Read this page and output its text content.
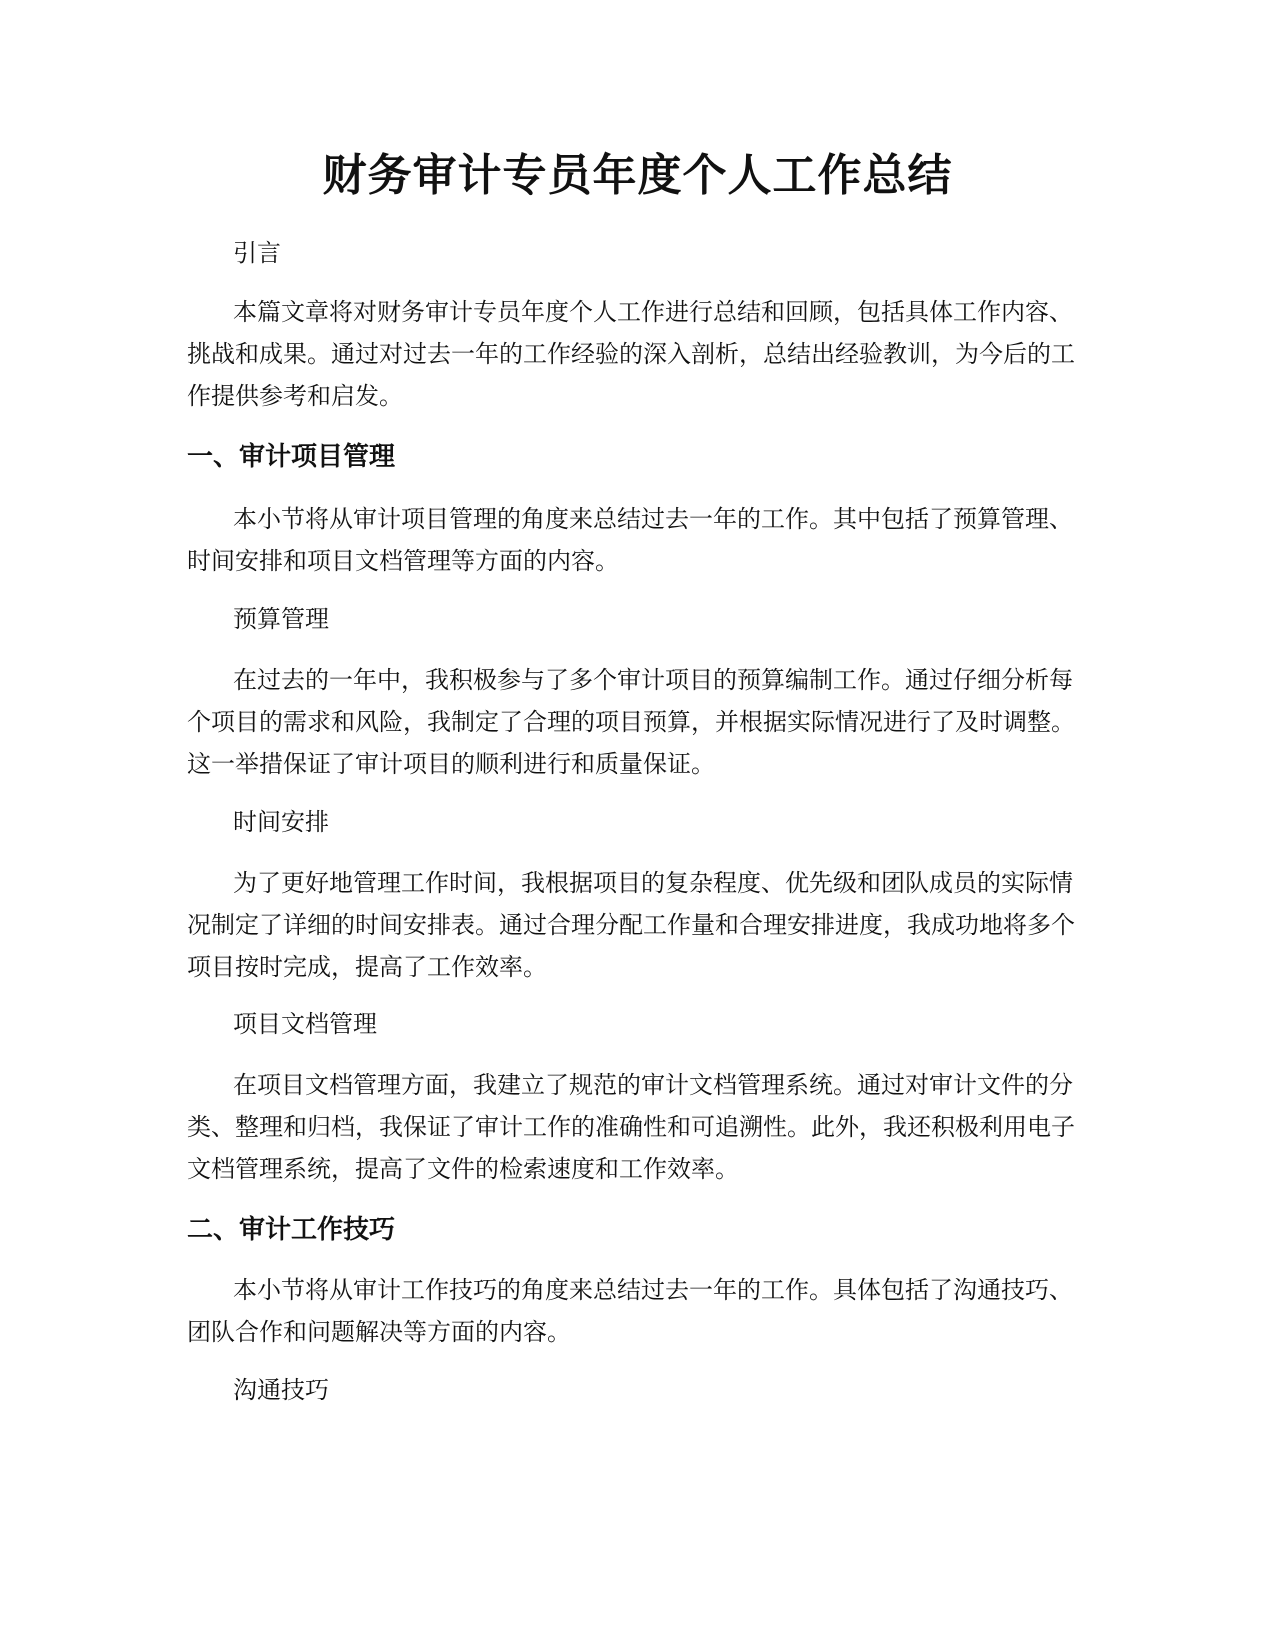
财务审计专员年度个人工作总结

引言

本篇文章将对财务审计专员年度个人工作进行总结和回顾，包括具体工作内容、挑战和成果。通过对过去一年的工作经验的深入剖析，总结出经验教训，为今后的工作提供参考和启发。

一、审计项目管理

本小节将从审计项目管理的角度来总结过去一年的工作。其中包括了预算管理、时间安排和项目文档管理等方面的内容。

预算管理

在过去的一年中，我积极参与了多个审计项目的预算编制工作。通过仔细分析每个项目的需求和风险，我制定了合理的项目预算，并根据实际情况进行了及时调整。这一举措保证了审计项目的顺利进行和质量保证。

时间安排

为了更好地管理工作时间，我根据项目的复杂程度、优先级和团队成员的实际情况制定了详细的时间安排表。通过合理分配工作量和合理安排进度，我成功地将多个项目按时完成，提高了工作效率。

项目文档管理

在项目文档管理方面，我建立了规范的审计文档管理系统。通过对审计文件的分类、整理和归档，我保证了审计工作的准确性和可追溯性。此外，我还积极利用电子文档管理系统，提高了文件的检索速度和工作效率。

二、审计工作技巧

本小节将从审计工作技巧的角度来总结过去一年的工作。具体包括了沟通技巧、团队合作和问题解决等方面的内容。

沟通技巧
